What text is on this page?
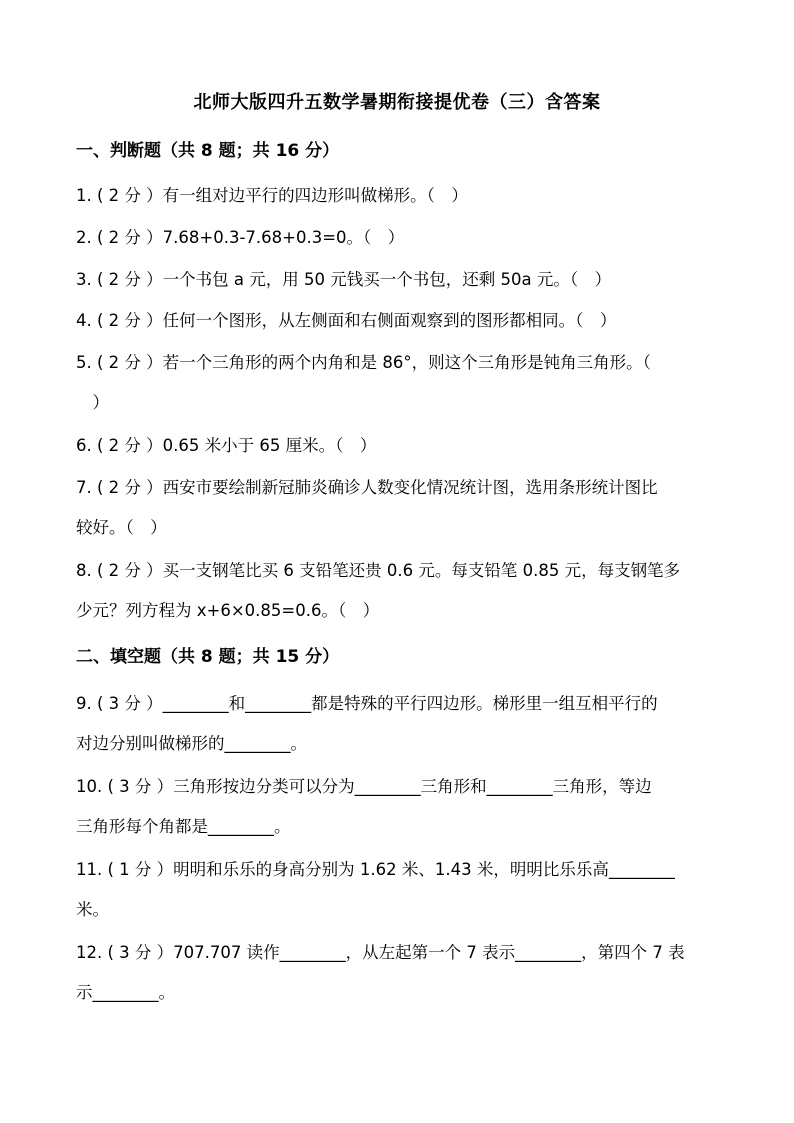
北师大版四升五数学暑期衔接提优卷（三）含答案
一、判断题（共 8 题；共 16 分）

1. ( 2 分 ）有一组对边平行的四边形叫做梯形。（　）

2. ( 2 分 ）7.68+0.3-7.68+0.3=0。（　）

3. ( 2 分 ）一个书包 a 元，用 50 元钱买一个书包，还剩 50a 元。（　）

4. ( 2 分 ）任何一个图形，从左侧面和右侧面观察到的图形都相同。（　）

5. ( 2 分 ）若一个三角形的两个内角和是 86°，则这个三角形是钝角三角形。（

　）

6. ( 2 分 ）0.65 米小于 65 厘米。（　）

7. ( 2 分 ）西安市要绘制新冠肺炎确诊人数变化情况统计图，选用条形统计图比

较好。（　）

8. ( 2 分 ）买一支钢笔比买 6 支铅笔还贵 0.6 元。每支铅笔 0.85 元，每支钢笔多

少元？列方程为 x+6×0.85=0.6。（　）

二、填空题（共 8 题；共 15 分）

9. ( 3 分 ）________和________都是特殊的平行四边形。梯形里一组互相平行的

对边分别叫做梯形的________。

10. ( 3 分 ）三角形按边分类可以分为________三角形和________三角形，等边

三角形每个角都是________。

11. ( 1 分 ）明明和乐乐的身高分别为 1.62 米、1.43 米，明明比乐乐高________

米。

12. ( 3 分 ）707.707 读作________，从左起第一个 7 表示________，第四个 7 表

示________。
